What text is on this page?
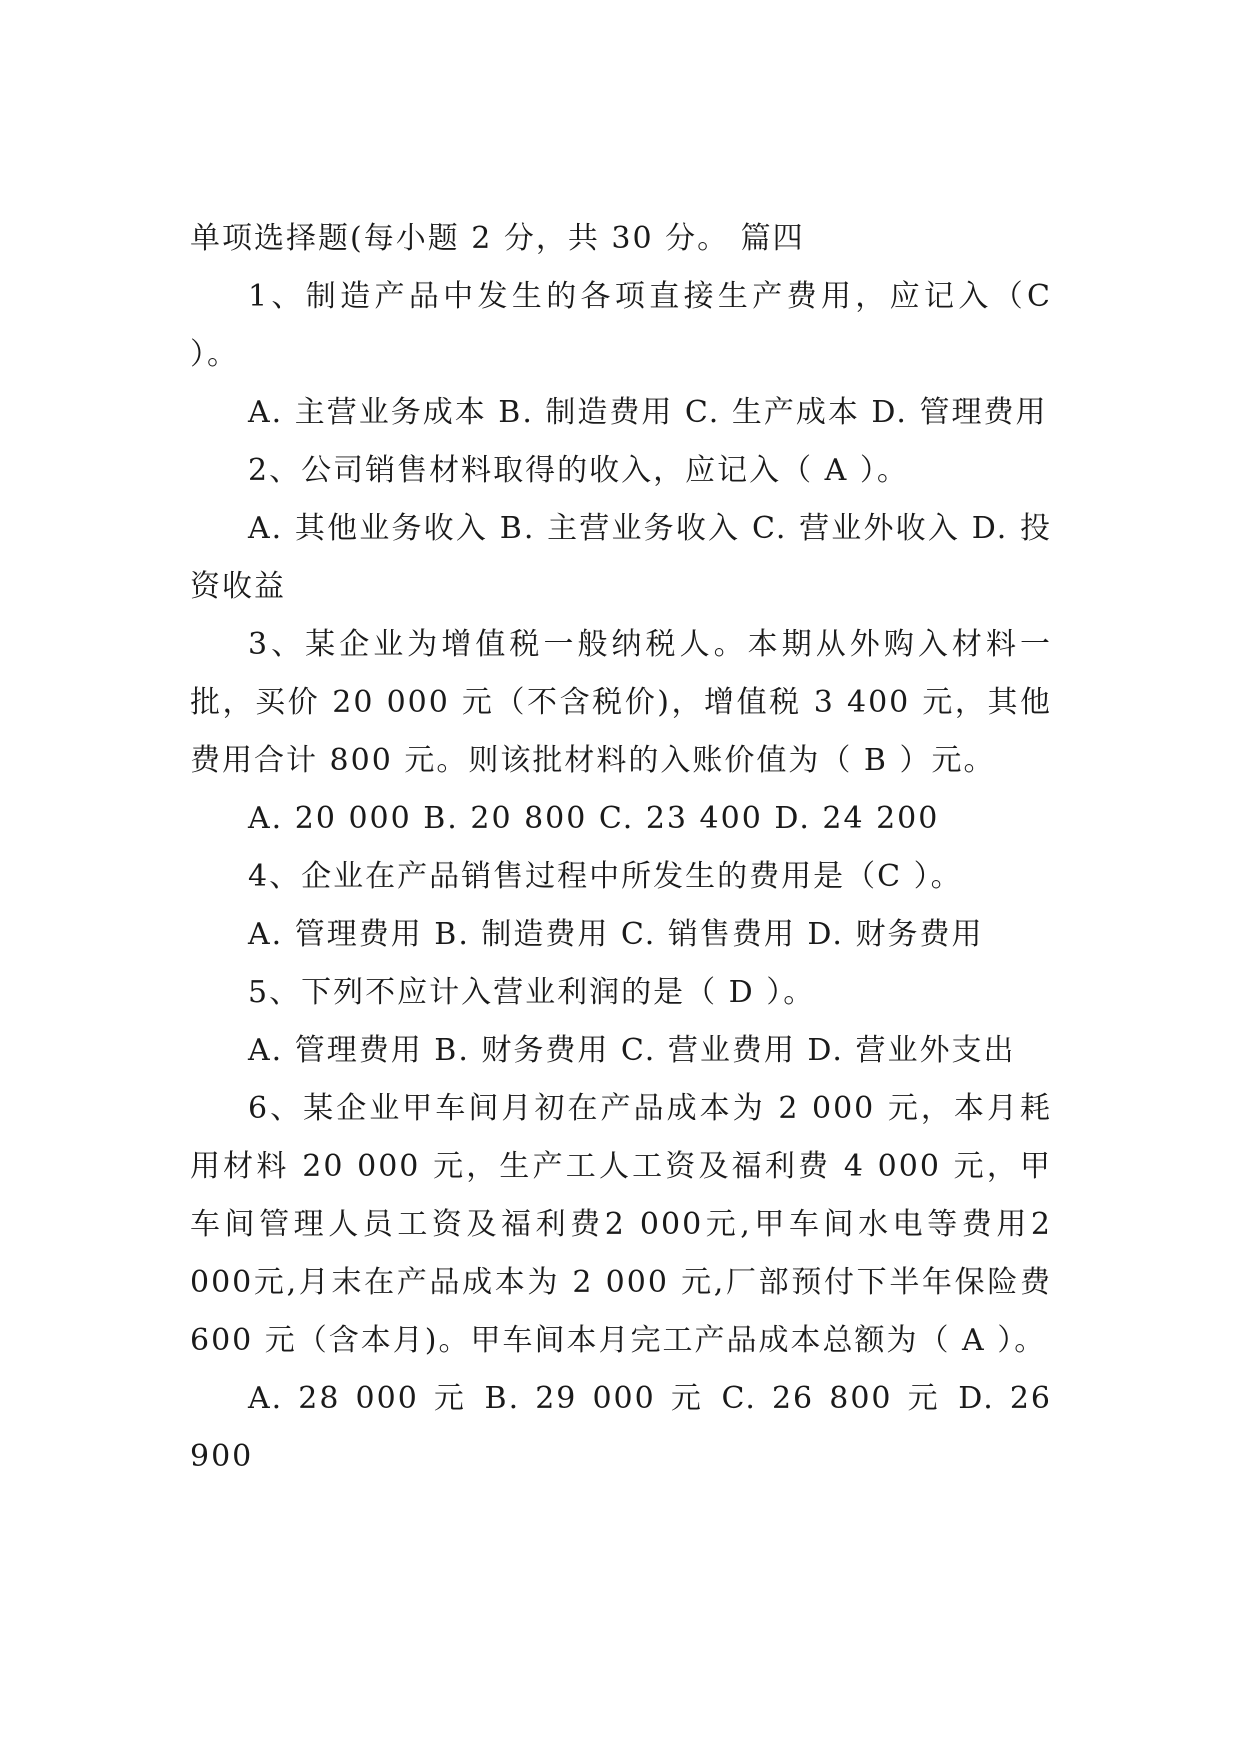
单项选择题(每小题 2 分，共 30 分。 篇四

1、制造产品中发生的各项直接生产费用，应记入（C ）。

A. 主营业务成本 B. 制造费用 C. 生产成本 D. 管理费用

2、公司销售材料取得的收入，应记入（ A ）。

A. 其他业务收入 B. 主营业务收入 C. 营业外收入 D. 投资收益

3、某企业为增值税一般纳税人。本期从外购入材料一批，买价 20 000 元（不含税价)，增值税 3 400 元，其他费用合计 800 元。则该批材料的入账价值为（ B ）元。

A. 20 000 B. 20 800 C. 23 400 D. 24 200

4、企业在产品销售过程中所发生的费用是（C ）。

A. 管理费用 B. 制造费用 C. 销售费用 D. 财务费用

5、下列不应计入营业利润的是（ D ）。

A. 管理费用 B. 财务费用 C. 营业费用 D. 营业外支出

6、某企业甲车间月初在产品成本为 2 000 元，本月耗用材料 20 000 元，生产工人工资及福利费 4 000 元，甲车间管理人员工资及福利费2 000元,甲车间水电等费用2 000元,月末在产品成本为 2 000 元,厂部预付下半年保险费 600 元（含本月)。甲车间本月完工产品成本总额为（ A ）。

A. 28 000 元 B. 29 000 元 C. 26 800 元 D. 26 900
